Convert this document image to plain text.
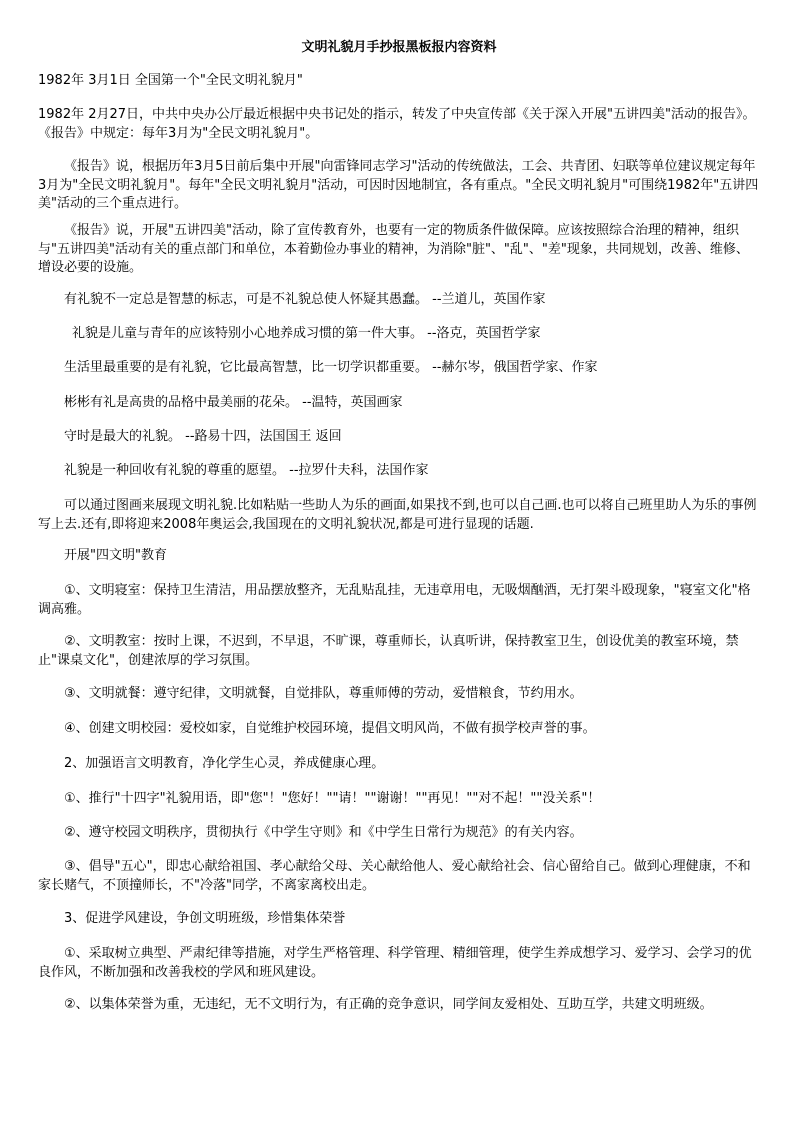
文明礼貌月手抄报黑板报内容资料

1982年 3月1日 全国第一个"全民文明礼貌月"

1982年 2月27日，中共中央办公厅最近根据中央书记处的指示，转发了中央宣传部《关于深入开展"五讲四美"活动的报告》。《报告》中规定：每年3月为"全民文明礼貌月"。

《报告》说，根据历年3月5日前后集中开展"向雷锋同志学习"活动的传统做法，工会、共青团、妇联等单位建议规定每年3月为"全民文明礼貌月"。每年"全民文明礼貌月"活动，可因时因地制宜，各有重点。"全民文明礼貌月"可围绕1982年"五讲四美"活动的三个重点进行。

《报告》说，开展"五讲四美"活动，除了宣传教育外，也要有一定的物质条件做保障。应该按照综合治理的精神，组织与"五讲四美"活动有关的重点部门和单位，本着勤俭办事业的精神，为消除"脏"、"乱"、"差"现象，共同规划，改善、维修、增设必要的设施。

有礼貌不一定总是智慧的标志，可是不礼貌总使人怀疑其愚蠢。 --兰道儿，英国作家

礼貌是儿童与青年的应该特别小心地养成习惯的第一件大事。 --洛克，英国哲学家

生活里最重要的是有礼貌，它比最高智慧，比一切学识都重要。 --赫尔岑，俄国哲学家、作家

彬彬有礼是高贵的品格中最美丽的花朵。 --温特，英国画家

守时是最大的礼貌。 --路易十四，法国国王 返回

礼貌是一种回收有礼貌的尊重的愿望。 --拉罗什夫科，法国作家

可以通过图画来展现文明礼貌.比如粘贴一些助人为乐的画面,如果找不到,也可以自己画.也可以将自己班里助人为乐的事例写上去.还有,即将迎来2008年奥运会,我国现在的文明礼貌状况,都是可进行显现的话题.

开展"四文明"教育

①、文明寝室：保持卫生清洁，用品摆放整齐，无乱贴乱挂，无违章用电，无吸烟酗酒，无打架斗殴现象，"寝室文化"格调高雅。

②、文明教室：按时上课，不迟到，不早退，不旷课，尊重师长，认真听讲，保持教室卫生，创设优美的教室环境，禁止"课桌文化"，创建浓厚的学习氛围。

③、文明就餐：遵守纪律，文明就餐，自觉排队，尊重师傅的劳动，爱惜粮食，节约用水。

④、创建文明校园：爱校如家，自觉维护校园环境，提倡文明风尚，不做有损学校声誉的事。

2、加强语言文明教育，净化学生心灵，养成健康心理。

①、推行"十四字"礼貌用语，即"您"！"您好！""请！""谢谢！""再见！""对不起！""没关系"！

②、遵守校园文明秩序，贯彻执行《中学生守则》和《中学生日常行为规范》的有关内容。

③、倡导"五心"，即忠心献给祖国、孝心献给父母、关心献给他人、爱心献给社会、信心留给自己。做到心理健康，不和家长赌气，不顶撞师长，不"冷落"同学，不离家离校出走。

3、促进学风建设，争创文明班级，珍惜集体荣誉

①、采取树立典型、严肃纪律等措施，对学生严格管理、科学管理、精细管理，使学生养成想学习、爱学习、会学习的优良作风，不断加强和改善我校的学风和班风建设。

②、以集体荣誉为重，无违纪，无不文明行为，有正确的竞争意识，同学间友爱相处、互助互学，共建文明班级。
